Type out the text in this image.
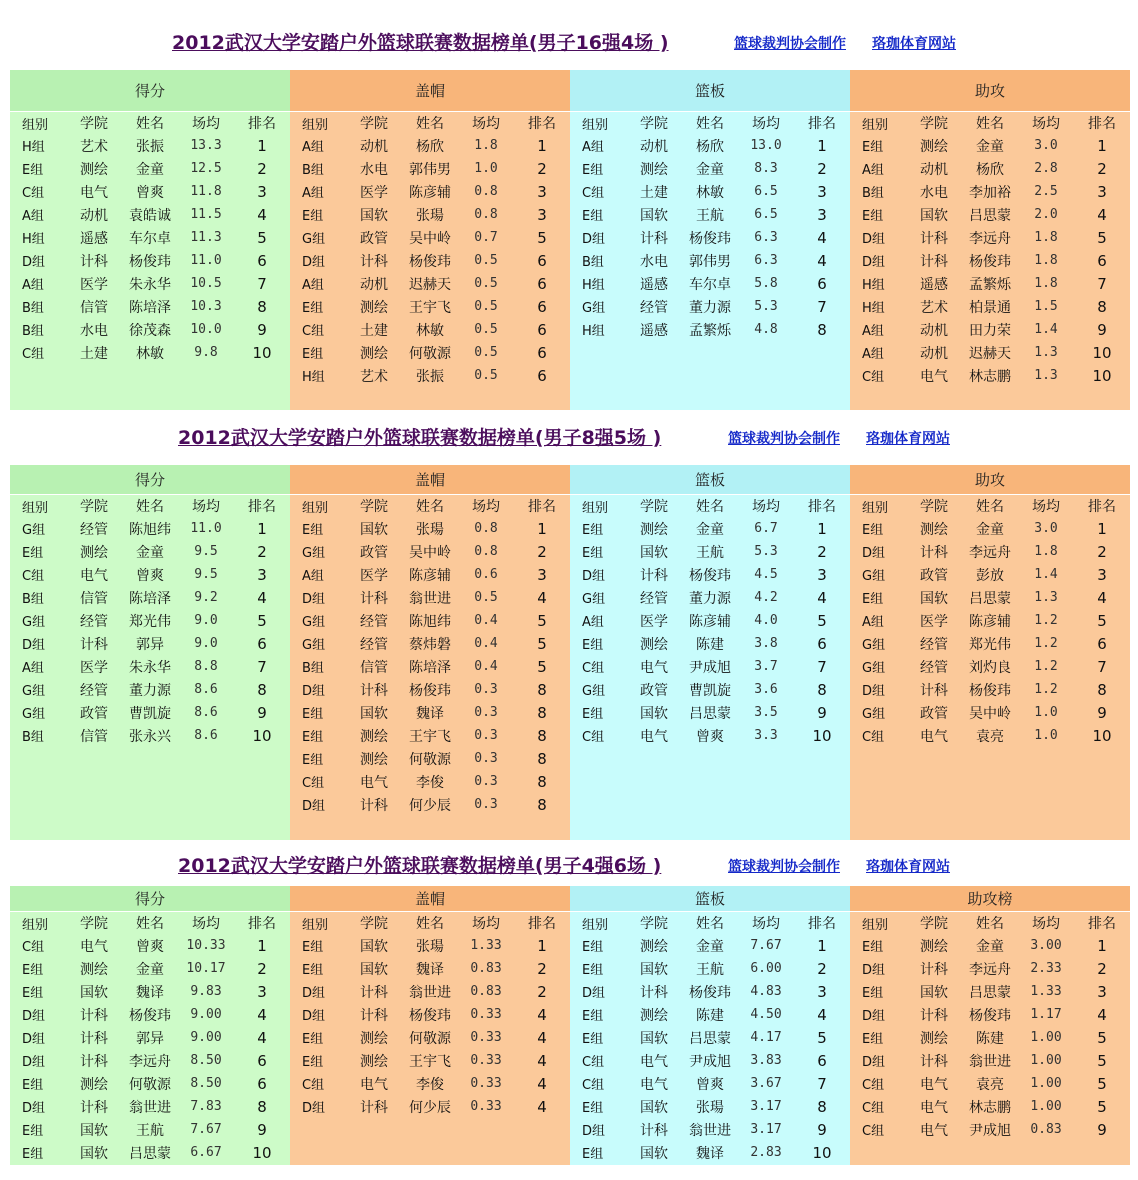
2012武汉大学安踏户外篮球联赛数据榜单(男子16强4场 )	篮球裁判协会制作 珞珈体育网站
得分
组别	学院	姓名	场均	排名
H组	艺术	张振	13.3	1
E组	测绘	金童	12.5	2
C组	电气	曾爽	11.8	3
A组	动机	袁皓诚	11.5	4
H组	遥感	车尔卓	11.3	5
D组	计科	杨俊玮	11.0	6
A组	医学	朱永华	10.5	7
B组	信管	陈培泽	10.3	8
B组	水电	徐茂森	10.0	9
C组	土建	林敏	9.8	10
盖帽
组别	学院	姓名	场均	排名
A组	动机	杨欣	1.8	1
B组	水电	郭伟男	1.0	2
A组	医学	陈彦辅	0.8	3
E组	国软	张瑒	0.8	3
G组	政管	吴中岭	0.7	5
D组	计科	杨俊玮	0.5	6
A组	动机	迟赫天	0.5	6
E组	测绘	王宇飞	0.5	6
C组	土建	林敏	0.5	6
E组	测绘	何敬源	0.5	6
H组	艺术	张振	0.5	6
篮板
组别	学院	姓名	场均	排名
A组	动机	杨欣	13.0	1
E组	测绘	金童	8.3	2
C组	土建	林敏	6.5	3
E组	国软	王航	6.5	3
D组	计科	杨俊玮	6.3	4
B组	水电	郭伟男	6.3	4
H组	遥感	车尔卓	5.8	6
G组	经管	董力源	5.3	7
H组	遥感	孟繁烁	4.8	8
助攻
组别	学院	姓名	场均	排名
E组	测绘	金童	3.0	1
A组	动机	杨欣	2.8	2
B组	水电	李加裕	2.5	3
E组	国软	吕思蒙	2.0	4
D组	计科	李远舟	1.8	5
D组	计科	杨俊玮	1.8	6
H组	遥感	孟繁烁	1.8	7
H组	艺术	柏景通	1.5	8
A组	动机	田力荣	1.4	9
A组	动机	迟赫天	1.3	10
C组	电气	林志鹏	1.3	10
2012武汉大学安踏户外篮球联赛数据榜单(男子8强5场 )	篮球裁判协会制作 珞珈体育网站
得分
组别	学院	姓名	场均	排名
G组	经管	陈旭纬	11.0	1
E组	测绘	金童	9.5	2
C组	电气	曾爽	9.5	3
B组	信管	陈培泽	9.2	4
G组	经管	郑光伟	9.0	5
D组	计科	郭异	9.0	6
A组	医学	朱永华	8.8	7
G组	经管	董力源	8.6	8
G组	政管	曹凯旋	8.6	9
B组	信管	张永兴	8.6	10
盖帽
组别	学院	姓名	场均	排名
E组	国软	张瑒	0.8	1
G组	政管	吴中岭	0.8	2
A组	医学	陈彦辅	0.6	3
D组	计科	翁世进	0.5	4
G组	经管	陈旭纬	0.4	5
G组	经管	蔡炜磐	0.4	5
B组	信管	陈培泽	0.4	5
D组	计科	杨俊玮	0.3	8
E组	国软	魏译	0.3	8
E组	测绘	王宇飞	0.3	8
E组	测绘	何敬源	0.3	8
C组	电气	李俊	0.3	8
D组	计科	何少辰	0.3	8
篮板
组别	学院	姓名	场均	排名
E组	测绘	金童	6.7	1
E组	国软	王航	5.3	2
D组	计科	杨俊玮	4.5	3
G组	经管	董力源	4.2	4
A组	医学	陈彦辅	4.0	5
E组	测绘	陈建	3.8	6
C组	电气	尹成旭	3.7	7
G组	政管	曹凯旋	3.6	8
E组	国软	吕思蒙	3.5	9
C组	电气	曾爽	3.3	10
助攻
组别	学院	姓名	场均	排名
E组	测绘	金童	3.0	1
D组	计科	李远舟	1.8	2
G组	政管	彭放	1.4	3
E组	国软	吕思蒙	1.3	4
A组	医学	陈彦辅	1.2	5
G组	经管	郑光伟	1.2	6
G组	经管	刘灼良	1.2	7
D组	计科	杨俊玮	1.2	8
G组	政管	吴中岭	1.0	9
C组	电气	袁亮	1.0	10
2012武汉大学安踏户外篮球联赛数据榜单(男子4强6场 )	篮球裁判协会制作 珞珈体育网站
得分
组别	学院	姓名	场均	排名
C组	电气	曾爽	10.33	1
E组	测绘	金童	10.17	2
E组	国软	魏译	9.83	3
D组	计科	杨俊玮	9.00	4
D组	计科	郭异	9.00	4
D组	计科	李远舟	8.50	6
E组	测绘	何敬源	8.50	6
D组	计科	翁世进	7.83	8
E组	国软	王航	7.67	9
E组	国软	吕思蒙	6.67	10
盖帽
组别	学院	姓名	场均	排名
E组	国软	张瑒	1.33	1
E组	国软	魏译	0.83	2
D组	计科	翁世进	0.83	2
D组	计科	杨俊玮	0.33	4
E组	测绘	何敬源	0.33	4
E组	测绘	王宇飞	0.33	4
C组	电气	李俊	0.33	4
D组	计科	何少辰	0.33	4
篮板
组别	学院	姓名	场均	排名
E组	测绘	金童	7.67	1
E组	国软	王航	6.00	2
D组	计科	杨俊玮	4.83	3
E组	测绘	陈建	4.50	4
E组	国软	吕思蒙	4.17	5
C组	电气	尹成旭	3.83	6
C组	电气	曾爽	3.67	7
E组	国软	张瑒	3.17	8
D组	计科	翁世进	3.17	9
E组	国软	魏译	2.83	10
助攻榜
组别	学院	姓名	场均	排名
E组	测绘	金童	3.00	1
D组	计科	李远舟	2.33	2
E组	国软	吕思蒙	1.33	3
D组	计科	杨俊玮	1.17	4
E组	测绘	陈建	1.00	5
D组	计科	翁世进	1.00	5
C组	电气	袁亮	1.00	5
C组	电气	林志鹏	1.00	5
C组	电气	尹成旭	0.83	9
